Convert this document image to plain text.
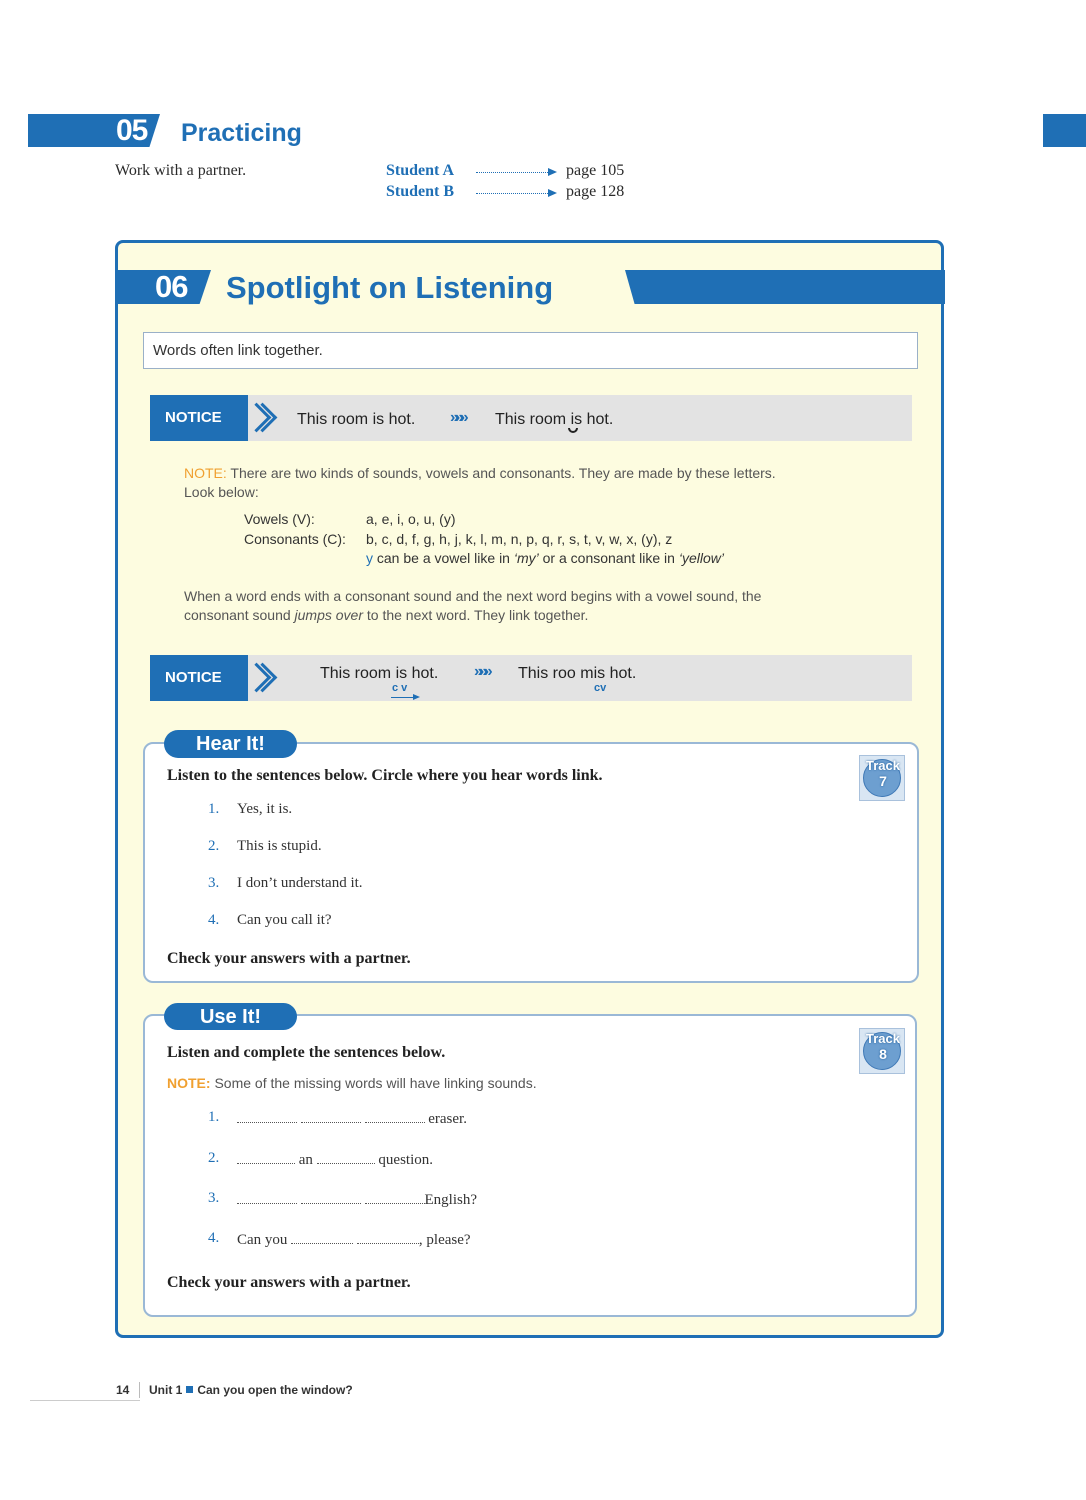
05 Practicing
Work with a partner.	Student A	page 105
Student B	page 128
06 Spotlight on Listening
Words often link together.
NOTICE	This room is hot. »»» This room is hot.
NOTE: There are two kinds of sounds, vowels and consonants. They are made by these letters.
Look below:
Vowels (V):	a, e, i, o, u, (y)
Consonants (C): b, c, d, f, g, h, j, k, l, m, n, p, q, r, s, t, v, w, x, (y), z
y can be a vowel like in ‘my’ or a consonant like in ‘yellow’
When a word ends with a consonant sound and the next word begins with a vowel sound, the
consonant sound jumps over to the next word. They link together.
NOTICE	This room is hot. »»» This roo mis hot.
c v	cv
Hear It!
Listen to the sentences below. Circle where you hear words link.
Track
7
1. Yes, it is.
2. This is stupid.
3. I don’t understand it.
4. Can you call it?
Check your answers with a partner.
Use It!
Listen and complete the sentences below.
NOTE: Some of the missing words will have linking sounds.
Track
8
1.	eraser.
2.	an	question.
3.	English?
4. Can you	, please?
Check your answers with a partner.
14 Unit 1 Can you open the window?
